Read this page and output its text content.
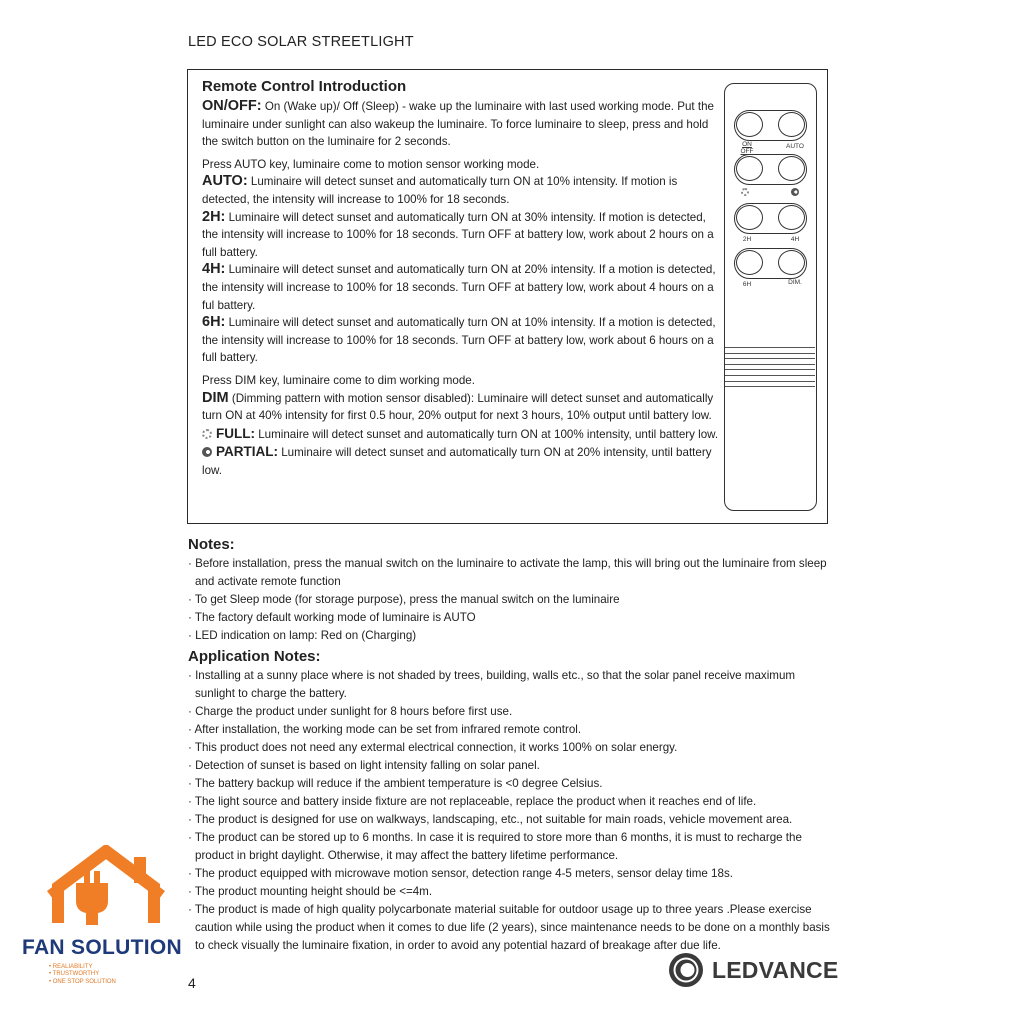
LED ECO SOLAR STREETLIGHT
Remote Control Introduction
ON/OFF: On (Wake up)/ Off (Sleep) - wake up the luminaire with last used working mode. Put the luminaire under sunlight can also wakeup the luminaire. To force luminaire to sleep, press and hold the switch button on the luminaire for 2 seconds.
Press AUTO key, luminaire come to motion sensor working mode.
AUTO: Luminaire will detect sunset and automatically turn ON at 10% intensity. If motion is detected, the intensity will increase to 100% for 18 seconds.
2H: Luminaire will detect sunset and automatically turn ON at 30% intensity. If motion is detected, the intensity will increase to 100% for 18 seconds. Turn OFF at battery low, work about 2 hours on a full battery.
4H: Luminaire will detect sunset and automatically turn ON at 20% intensity. If a motion is detected, the intensity will increase to 100% for 18 seconds. Turn OFF at battery low, work about 4 hours on a ful battery.
6H: Luminaire will detect sunset and automatically turn ON at 10% intensity. If a motion is detected, the intensity will increase to 100% for 18 seconds. Turn OFF at battery low, work about 6 hours on a full battery.
Press DIM key, luminaire come to dim working mode.
DIM (Dimming pattern with motion sensor disabled): Luminaire will detect sunset and automatically turn ON at 40% intensity for first 0.5 hour, 20% output for next 3 hours, 10% output until battery low.
FULL: Luminaire will detect sunset and automatically turn ON at 100% intensity, until battery low.
PARTIAL: Luminaire will detect sunset and automatically turn ON at 20% intensity, until battery low.
ON
OFF
AUTO
2H	4H
6H	DIM.
Notes:
· Before installation, press the manual switch on the luminaire to activate the lamp, this will bring out the luminaire from sleep and activate remote function
· To get Sleep mode (for storage purpose), press the manual switch on the luminaire
· The factory default working mode of luminaire is AUTO
· LED indication on lamp: Red on (Charging)
Application Notes:
· Installing at a sunny place where is not shaded by trees, building, walls etc., so that the solar panel receive maximum sunlight to charge the battery.
· Charge the product under sunlight for 8 hours before first use.
· After installation, the working mode can be set from infrared remote control.
· This product does not need any extermal electrical connection, it works 100% on solar energy.
· Detection of sunset is based on light intensity falling on solar panel.
· The battery backup will reduce if the ambient temperature is <0 degree Celsius.
· The light source and battery inside fixture are not replaceable, replace the product when it reaches end of life.
· The product is designed for use on walkways, landscaping, etc., not suitable for main roads, vehicle movement area.
· The product can be stored up to 6 months. In case it is required to store more than 6 months, it is must to recharge the product in bright daylight. Otherwise, it may affect the battery lifetime performance.
· The product equipped with microwave motion sensor, detection range 4-5 meters, sensor delay time 18s.
· The product mounting height should be <=4m.
· The product is made of high quality polycarbonate material suitable for outdoor usage up to three years .Please exercise caution while using the product when it comes to due life (2 years), since maintenance needs to be done on a monthly basis to check visually the luminaire fixation, in order to avoid any potential hazard of breakage after due life.
FAN SOLUTION
• REALIABILITY
• TRUSTWORTHY
• ONE STOP SOLUTION	4	LEDVANCE
